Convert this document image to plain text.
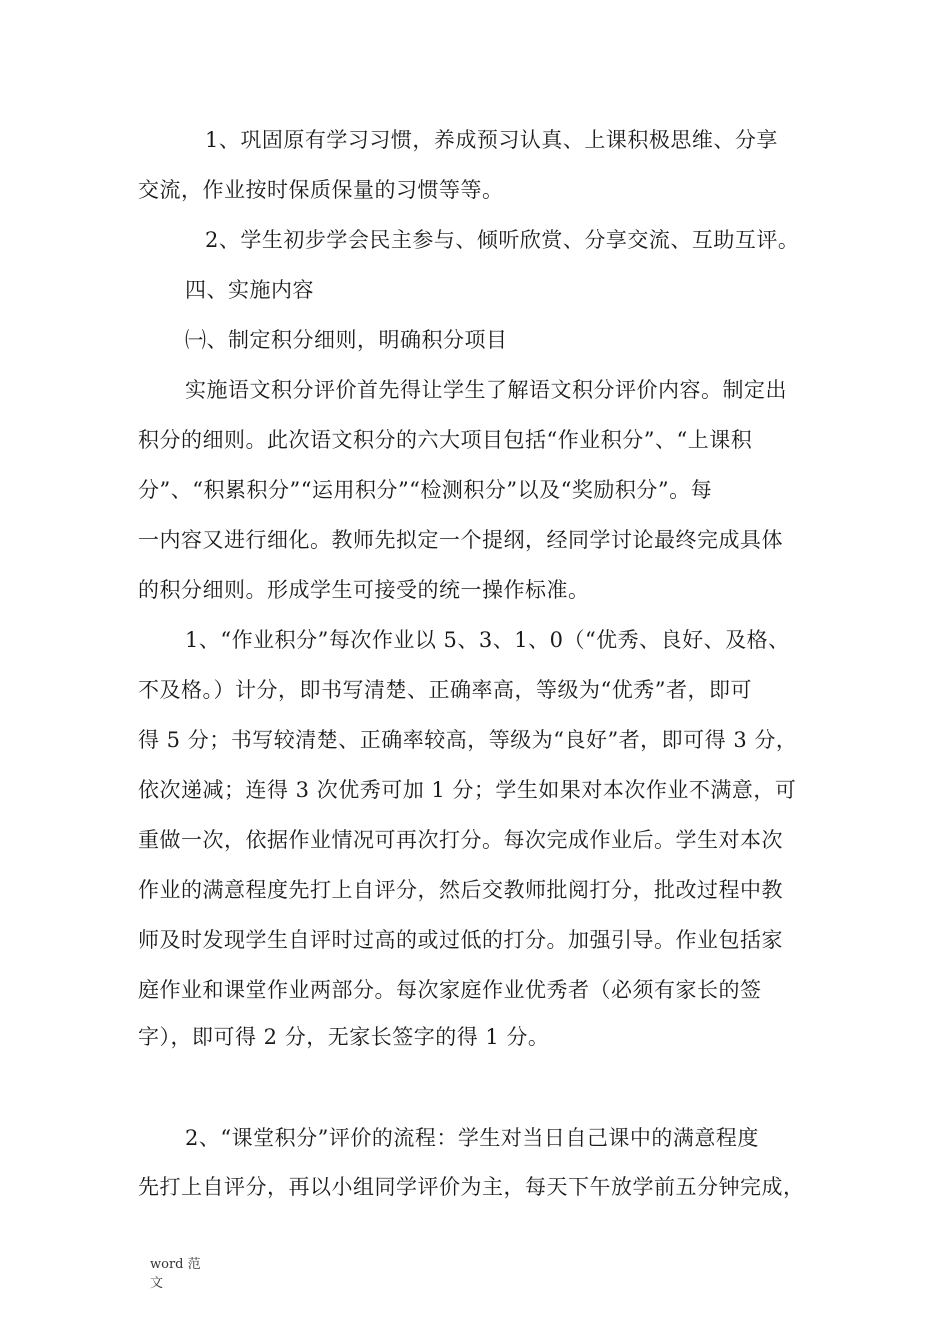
1、巩固原有学习习惯，养成预习认真、上课积极思维、分享
交流，作业按时保质保量的习惯等等。
2、学生初步学会民主参与、倾听欣赏、分享交流、互助互评。
四、实施内容
㈠、制定积分细则，明确积分项目
实施语文积分评价首先得让学生了解语文积分评价内容。制定出
积分的细则。此次语文积分的六大项目包括“作业积分”、“上课积
分”、“积累积分”“运用积分”“检测积分”以及“奖励积分”。每
一内容又进行细化。教师先拟定一个提纲，经同学讨论最终完成具体
的积分细则。形成学生可接受的统一操作标准。
1、“作业积分”每次作业以 5、3、1、0（“优秀、良好、及格、
不及格。）计分，即书写清楚、正确率高，等级为“优秀”者，即可
得 5 分；书写较清楚、正确率较高，等级为“良好”者，即可得 3 分，
依次递减；连得 3 次优秀可加 1 分；学生如果对本次作业不满意，可
重做一次，依据作业情况可再次打分。每次完成作业后。学生对本次
作业的满意程度先打上自评分，然后交教师批阅打分，批改过程中教
师及时发现学生自评时过高的或过低的打分。加强引导。作业包括家
庭作业和课堂作业两部分。每次家庭作业优秀者（必须有家长的签
字），即可得 2 分，无家长签字的得 1 分。
2、“课堂积分”评价的流程：学生对当日自己课中的满意程度
先打上自评分，再以小组同学评价为主，每天下午放学前五分钟完成，
word 范
文
